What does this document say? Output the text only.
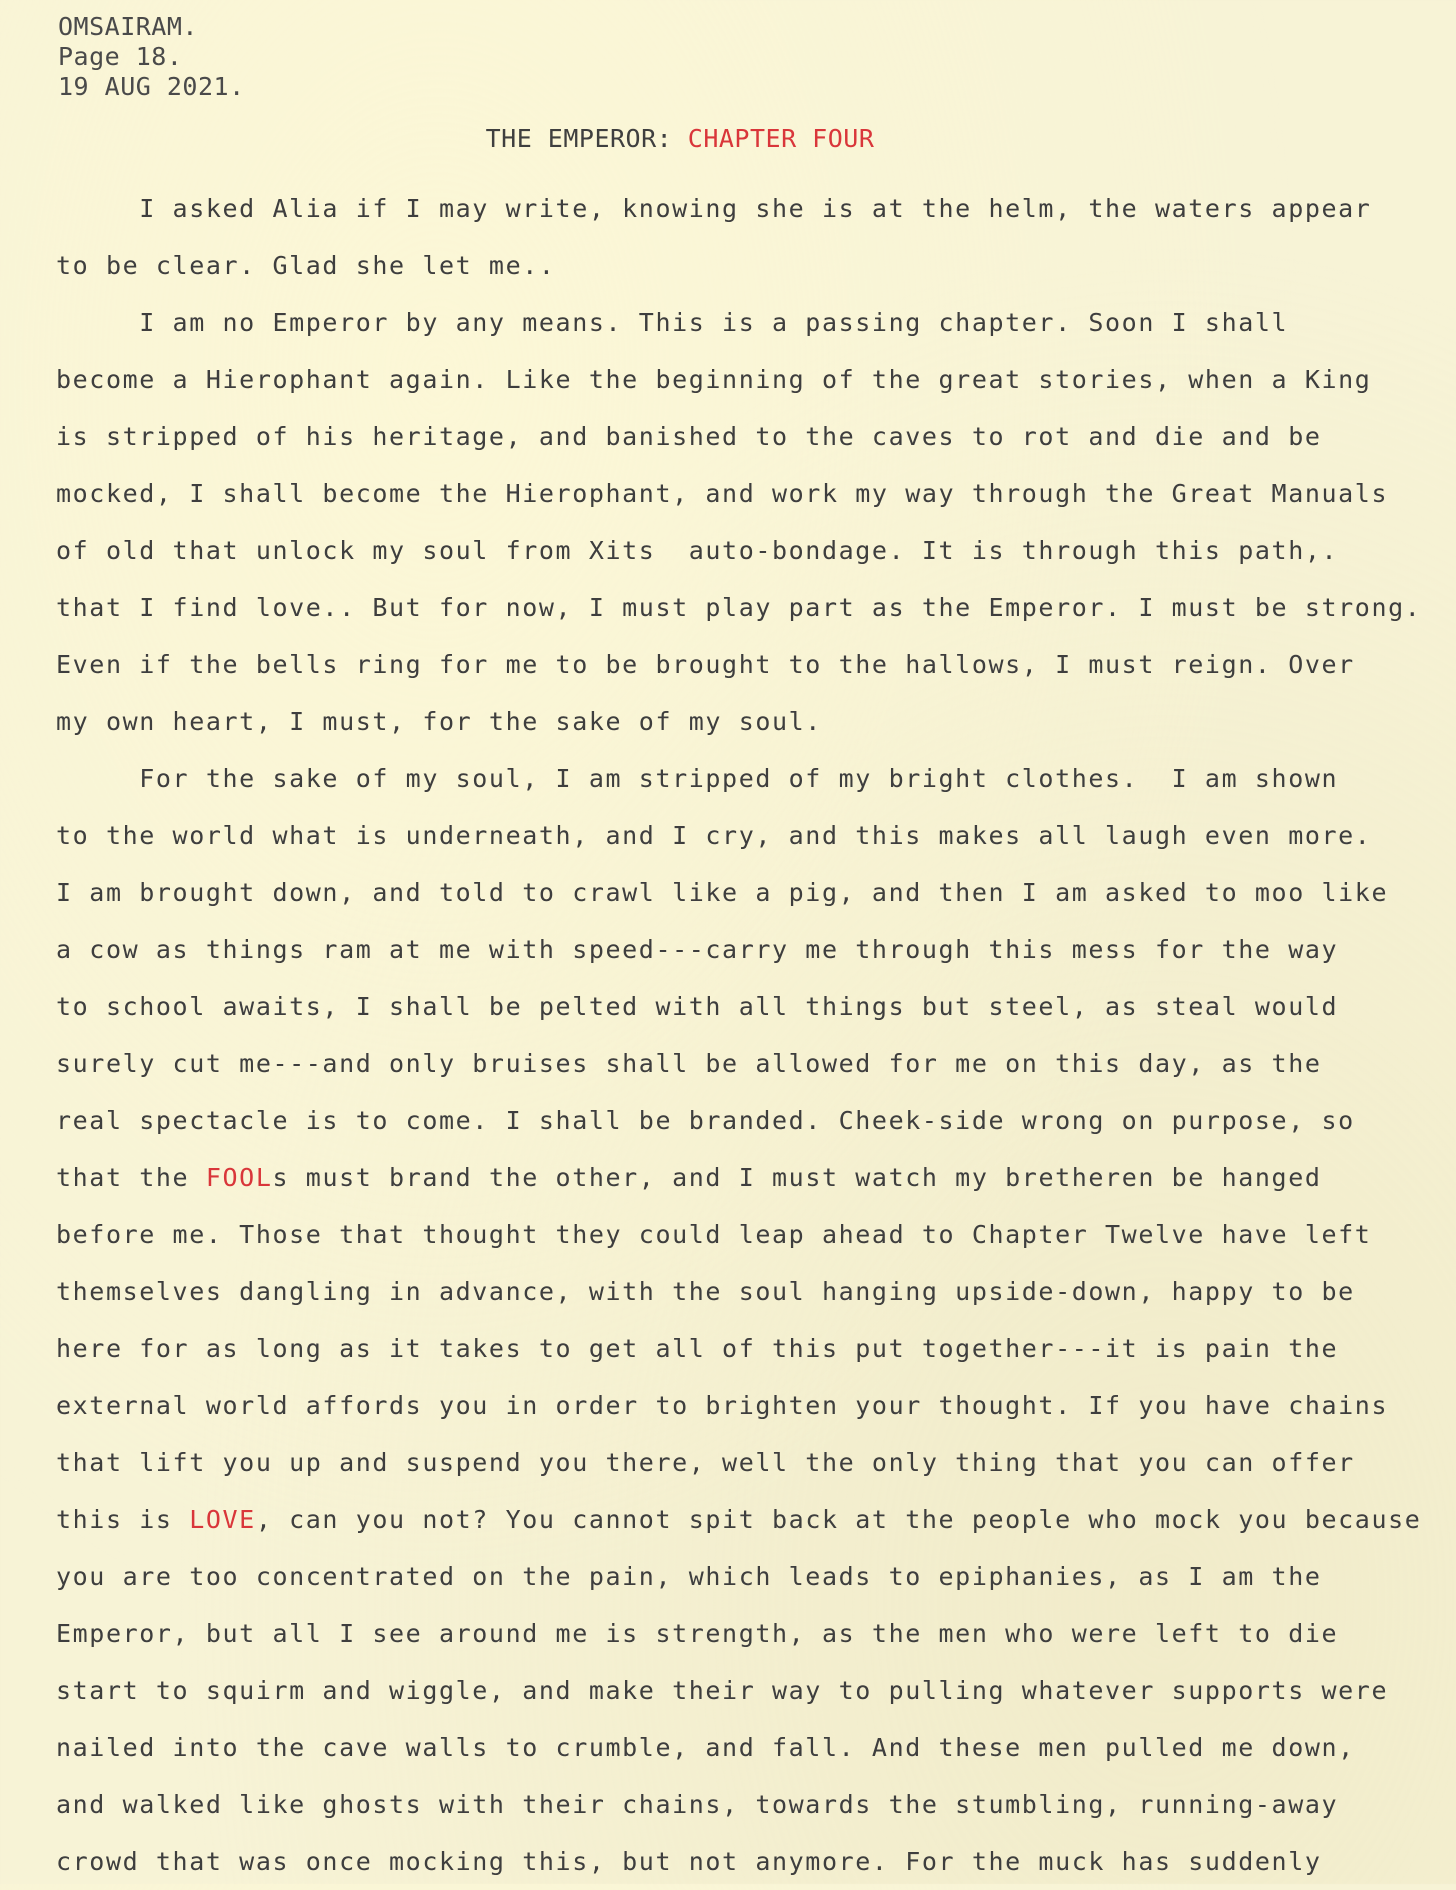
OMSAIRAM.
Page 18.
19 AUG 2021.
THE EMPEROR: CHAPTER FOUR
I asked Alia if I may write, knowing she is at the helm, the waters appear
to be clear. Glad she let me..
I am no Emperor by any means. This is a passing chapter. Soon I shall
become a Hierophant again. Like the beginning of the great stories, when a King
is stripped of his heritage, and banished to the caves to rot and die and be
mocked, I shall become the Hierophant, and work my way through the Great Manuals
of old that unlock my soul from Xits  auto-bondage. It is through this path,.
that I find love.. But for now, I must play part as the Emperor. I must be strong.
Even if the bells ring for me to be brought to the hallows, I must reign. Over
my own heart, I must, for the sake of my soul.
For the sake of my soul, I am stripped of my bright clothes.  I am shown
to the world what is underneath, and I cry, and this makes all laugh even more.
I am brought down, and told to crawl like a pig, and then I am asked to moo like
a cow as things ram at me with speed---carry me through this mess for the way
to school awaits, I shall be pelted with all things but steel, as steal would
surely cut me---and only bruises shall be allowed for me on this day, as the
real spectacle is to come. I shall be branded. Cheek-side wrong on purpose, so
that the FOOLs must brand the other, and I must watch my bretheren be hanged
before me. Those that thought they could leap ahead to Chapter Twelve have left
themselves dangling in advance, with the soul hanging upside-down, happy to be
here for as long as it takes to get all of this put together---it is pain the
external world affords you in order to brighten your thought. If you have chains
that lift you up and suspend you there, well the only thing that you can offer
this is LOVE, can you not? You cannot spit back at the people who mock you because
you are too concentrated on the pain, which leads to epiphanies, as I am the
Emperor, but all I see around me is strength, as the men who were left to die
start to squirm and wiggle, and make their way to pulling whatever supports were
nailed into the cave walls to crumble, and fall. And these men pulled me down,
and walked like ghosts with their chains, towards the stumbling, running-away
crowd that was once mocking this, but not anymore. For the muck has suddenly
